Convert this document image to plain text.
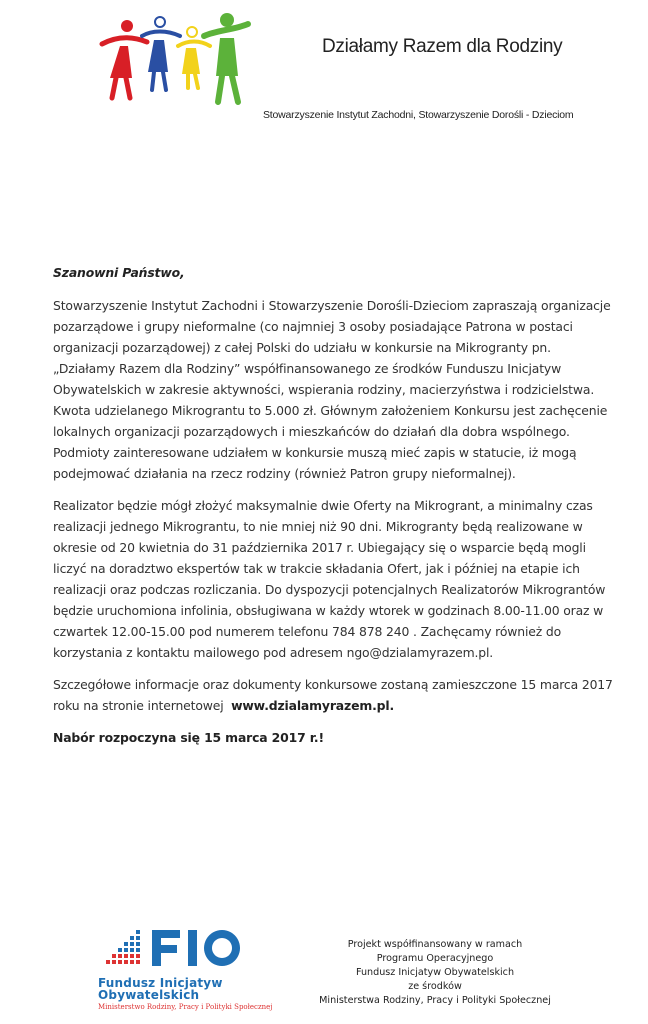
Działamy Razem dla Rodziny
Stowarzyszenie Instytut Zachodni, Stowarzyszenie Dorośli - Dzieciom

Szanowni Państwo,

Stowarzyszenie Instytut Zachodni i Stowarzyszenie Dorośli-Dzieciom zapraszają organizacje
pozarządowe i grupy nieformalne (co najmniej 3 osoby posiadające Patrona w postaci
organizacji pozarządowej) z całej Polski do udziału w konkursie na Mikrogranty pn.
„Działamy Razem dla Rodziny” współfinansowanego ze środków Funduszu Inicjatyw
Obywatelskich w zakresie aktywności, wspierania rodziny, macierzyństwa i rodzicielstwa.
Kwota udzielanego Mikrograntu to 5.000 zł. Głównym założeniem Konkursu jest zachęcenie
lokalnych organizacji pozarządowych i mieszkańców do działań dla dobra wspólnego.
Podmioty zainteresowane udziałem w konkursie muszą mieć zapis w statucie, iż mogą
podejmować działania na rzecz rodziny (również Patron grupy nieformalnej).

Realizator będzie mógł złożyć maksymalnie dwie Oferty na Mikrogrant, a minimalny czas
realizacji jednego Mikrograntu, to nie mniej niż 90 dni. Mikrogranty będą realizowane w
okresie od 20 kwietnia do 31 października 2017 r. Ubiegający się o wsparcie będą mogli
liczyć na doradztwo ekspertów tak w trakcie składania Ofert, jak i później na etapie ich
realizacji oraz podczas rozliczania. Do dyspozycji potencjalnych Realizatorów Mikrograntów
będzie uruchomiona infolinia, obsługiwana w każdy wtorek w godzinach 8.00-11.00 oraz w
czwartek 12.00-15.00 pod numerem telefonu 784 878 240 . Zachęcamy również do
korzystania z kontaktu mailowego pod adresem ngo@dzialamyrazem.pl.

Szczegółowe informacje oraz dokumenty konkursowe zostaną zamieszczone 15 marca 2017
roku na stronie internetowej  www.dzialamyrazem.pl.

Nabór rozpoczyna się 15 marca 2017 r.!

Fundusz Inicjatyw
Obywatelskich
Ministerstwo Rodziny, Pracy i Polityki Społecznej
Projekt współfinansowany w ramach
Programu Operacyjnego
Fundusz Inicjatyw Obywatelskich
ze środków
Ministerstwa Rodziny, Pracy i Polityki Społecznej
